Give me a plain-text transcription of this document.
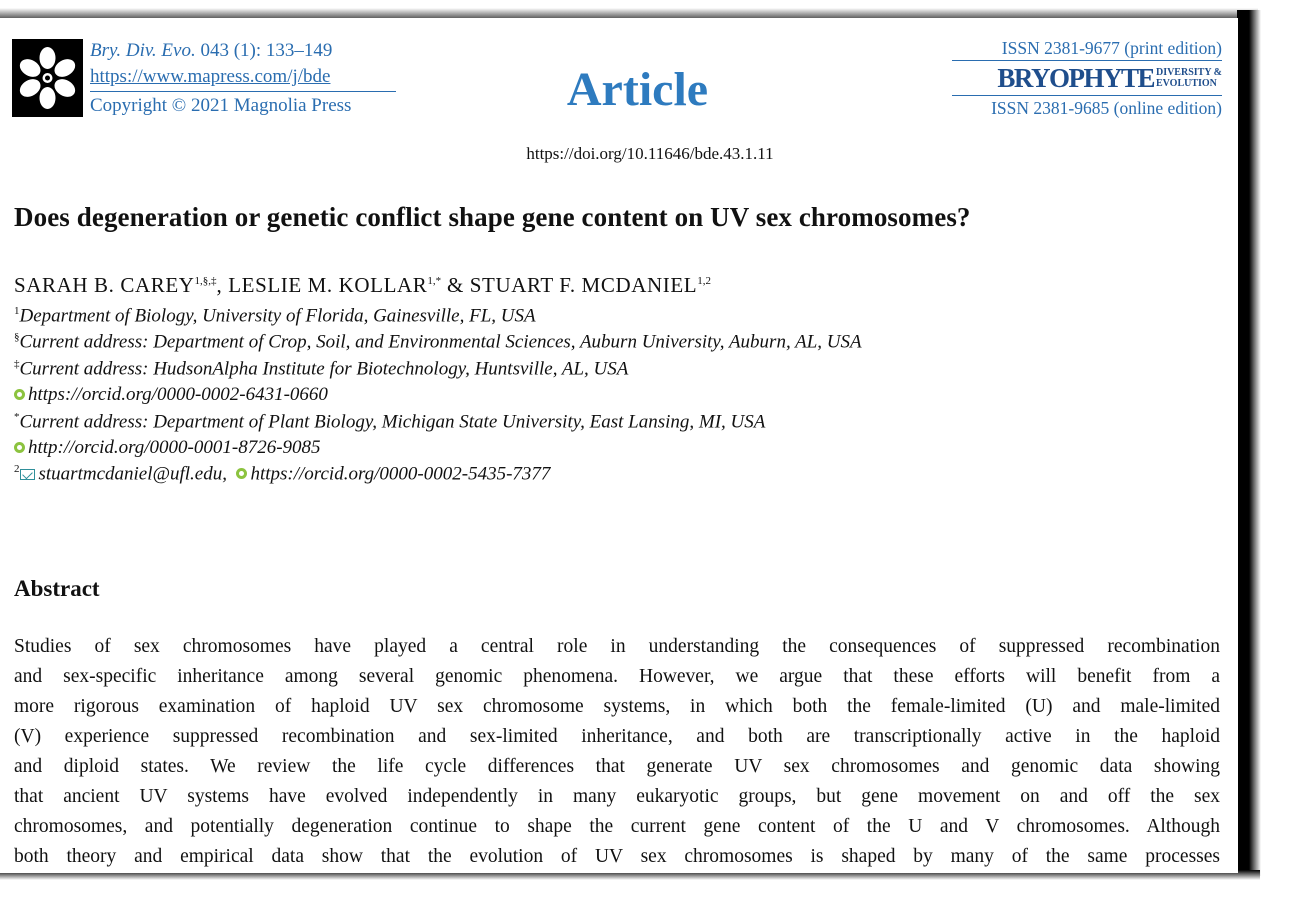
Bry. Div. Evo. 043 (1): 133–149
https://www.mapress.com/j/bde
Copyright © 2021 Magnolia Press	Article
ISSN 2381-9677 (print edition)
BRYOPHYTE DIVERSITY &
EVOLUTION
ISSN 2381-9685 (online edition)
https://doi.org/10.11646/bde.43.1.11
Does degeneration or genetic conflict shape gene content on UV sex chromosomes?
SARAH B. $CAREY^{1,\S,\ddagger}$, LESLIE M. $KOLLAR^{1,*}$ & STUART F. MCDANIEL$^{1,2}$
$^1$Department of Biology, University of Florida, Gainesville, FL, USA
§Current address: Department of Crop, Soil, and Environmental Sciences, Auburn University, Auburn, AL, USA
‡Current address: HudsonAlpha Institute for Biotechnology, Huntsville, AL, USA
https://orcid.org/0000-0002-6431-0660
*Current address: Department of Plant Biology, Michigan State University, East Lansing, MI, USA
http://orcid.org/0000-0001-8726-9085
$^2$ stuartmcdaniel@ufl.edu, https://orcid.org/0000-0002-5435-7377
Abstract
Studies of sex chromosomes have played a central role in understanding the consequences of suppressed recombination
and sex-specific inheritance among several genomic phenomena. However, we argue that these efforts will benefit from a
more rigorous examination of haploid UV sex chromosome systems, in which both the female-limited (U) and male-limited
(V) experience suppressed recombination and sex-limited inheritance, and both are transcriptionally active in the haploid
and diploid states. We review the life cycle differences that generate UV sex chromosomes and genomic data showing
that ancient UV systems have evolved independently in many eukaryotic groups, but gene movement on and off the sex
chromosomes, and potentially degeneration continue to shape the current gene content of the U and V chromosomes. Although
both theory and empirical data show that the evolution of UV sex chromosomes is shaped by many of the same processes
